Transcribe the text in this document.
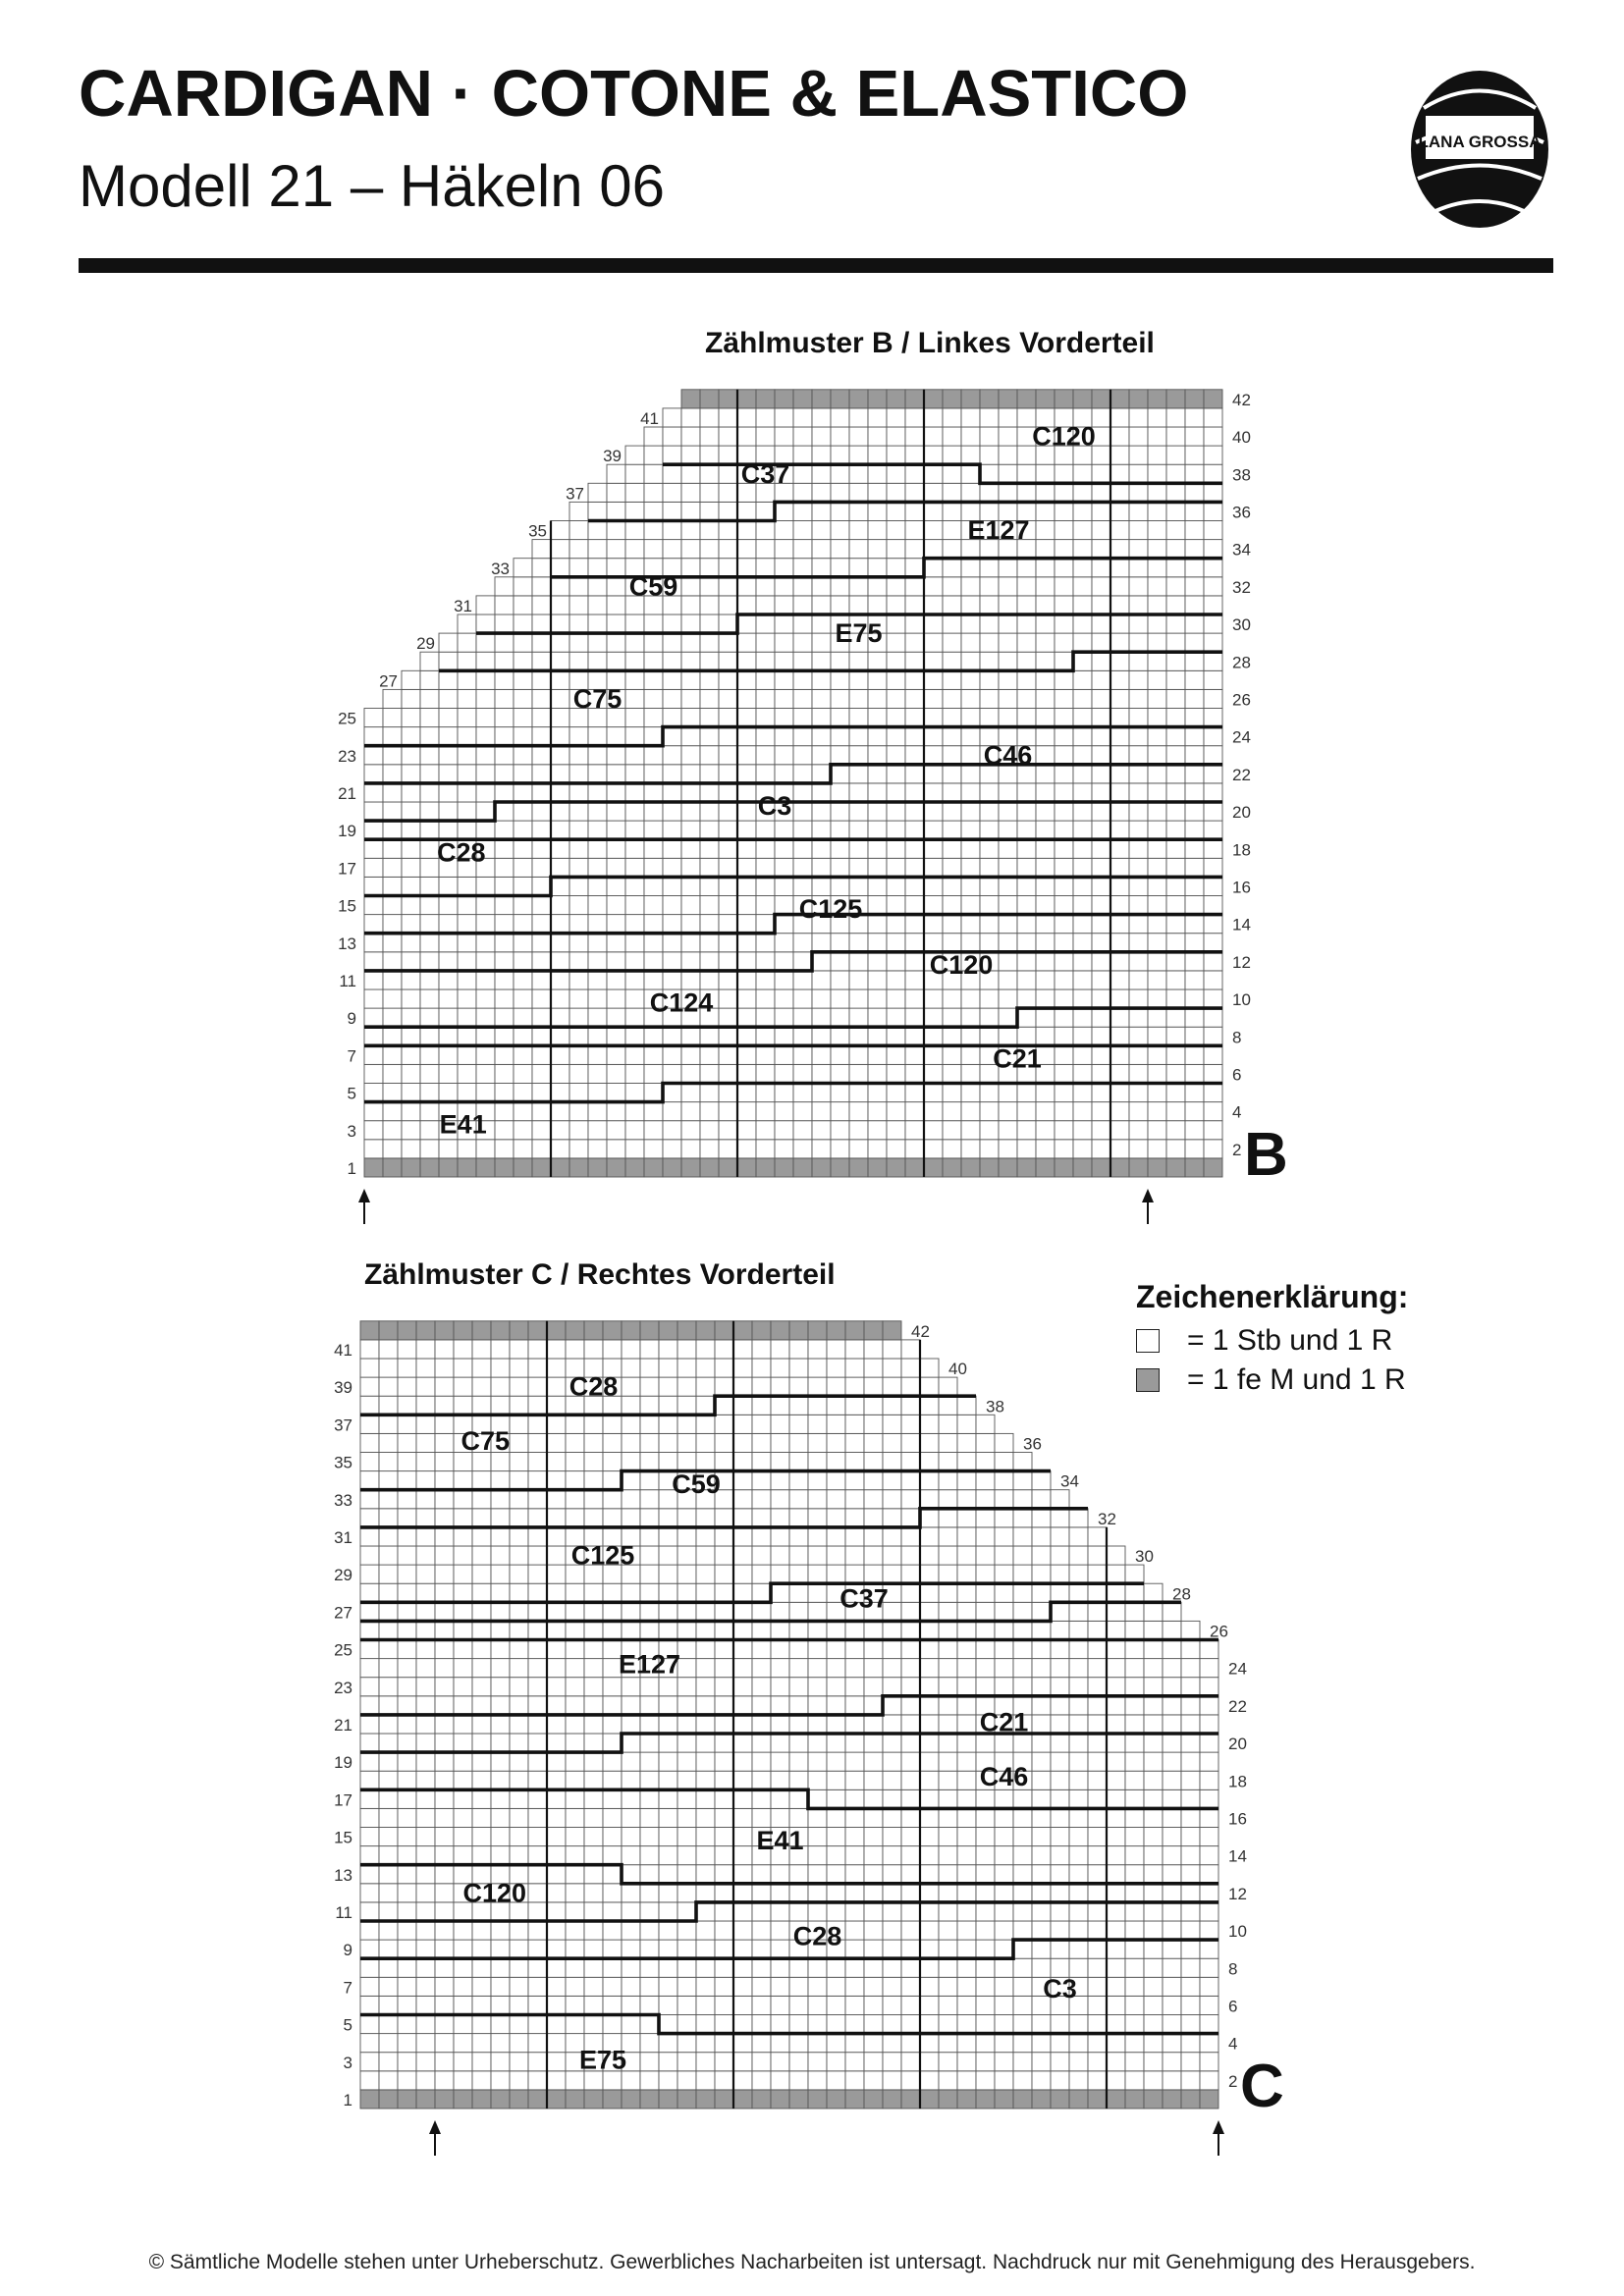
CARDIGAN · COTONE & ELASTICO
Modell 21 – Häkeln 06
LANA GROSSA
Zählmuster B / Linkes Vorderteil
Zählmuster C / Rechtes Vorderteil
C120
C37
E127
C59
E75
C75
C46
C3
C28
C125
C120
C124
C21
E41
1
3
5
7
9
11
13
15
17
19
21
23
25
27
29
31
33
35
37
39
41
2
4
6
8
10
12
14
16
18
20
22
24
26
28
30
32
34
36
38
40
42
B
C28
C75
C59
C125
C37
E127
C21
C46
E41
C120
C28
C3
E75
1
3
5
7
9
11
13
15
17
19
21
23
25
27
29
31
33
35
37
39
41
2
4
6
8
10
12
14
16
18
20
22
24
26
28
30
32
34
36
38
40
42
C
Zeichenerklärung:
= 1 Stb und 1 R
= 1 fe M und 1 R
© Sämtliche Modelle stehen unter Urheberschutz. Gewerbliches Nacharbeiten ist untersagt. Nachdruck nur mit Genehmigung des Herausgebers.
